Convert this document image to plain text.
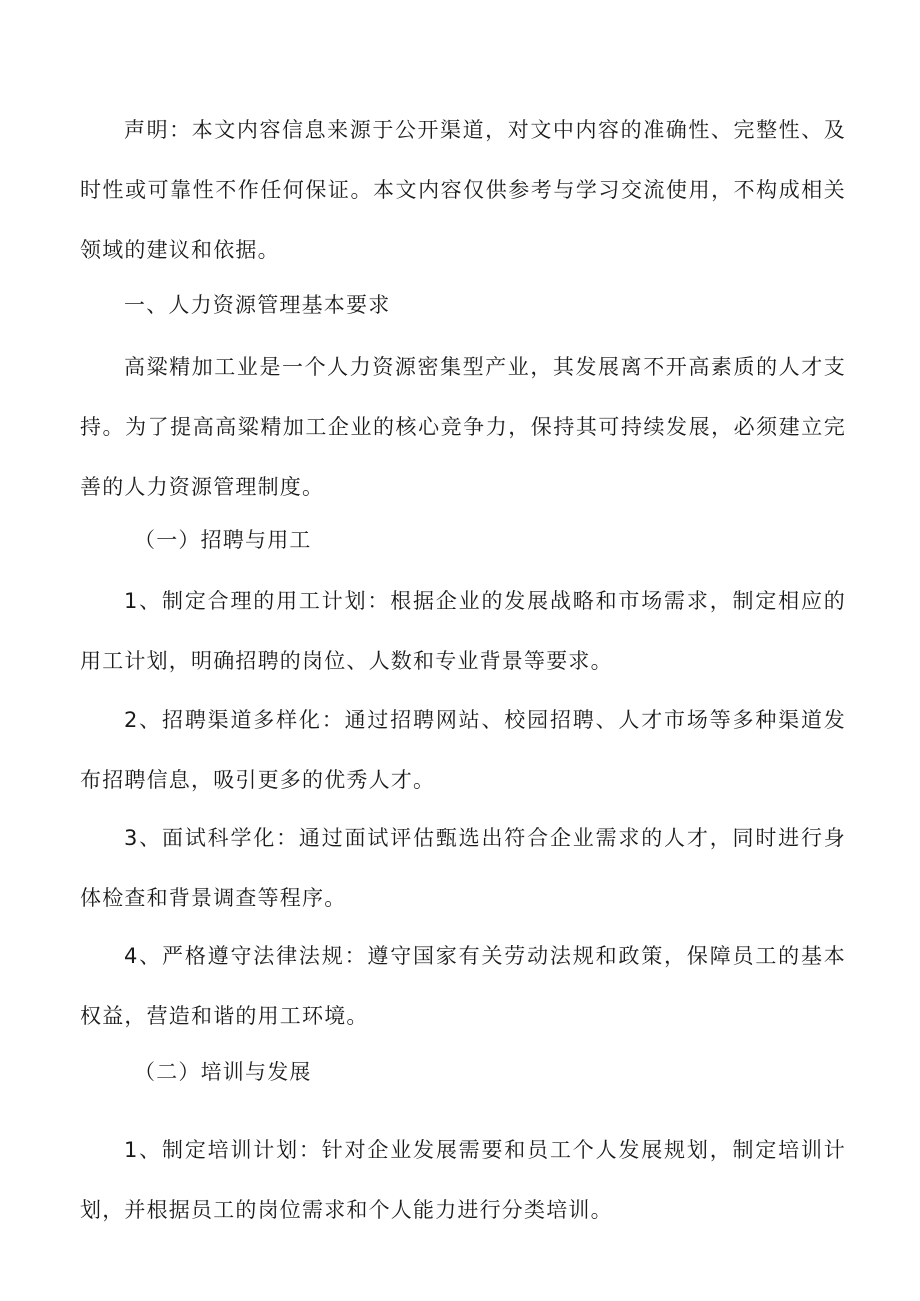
声明：本文内容信息来源于公开渠道，对文中内容的准确性、完整性、及时性或可靠性不作任何保证。本文内容仅供参考与学习交流使用，不构成相关领域的建议和依据。

一、人力资源管理基本要求

高粱精加工业是一个人力资源密集型产业，其发展离不开高素质的人才支持。为了提高高粱精加工企业的核心竞争力，保持其可持续发展，必须建立完善的人力资源管理制度。

（一）招聘与用工

1、制定合理的用工计划：根据企业的发展战略和市场需求，制定相应的用工计划，明确招聘的岗位、人数和专业背景等要求。

2、招聘渠道多样化：通过招聘网站、校园招聘、人才市场等多种渠道发布招聘信息，吸引更多的优秀人才。

3、面试科学化：通过面试评估甄选出符合企业需求的人才，同时进行身体检查和背景调查等程序。

4、严格遵守法律法规：遵守国家有关劳动法规和政策，保障员工的基本权益，营造和谐的用工环境。

（二）培训与发展

1、制定培训计划：针对企业发展需要和员工个人发展规划，制定培训计划，并根据员工的岗位需求和个人能力进行分类培训。
